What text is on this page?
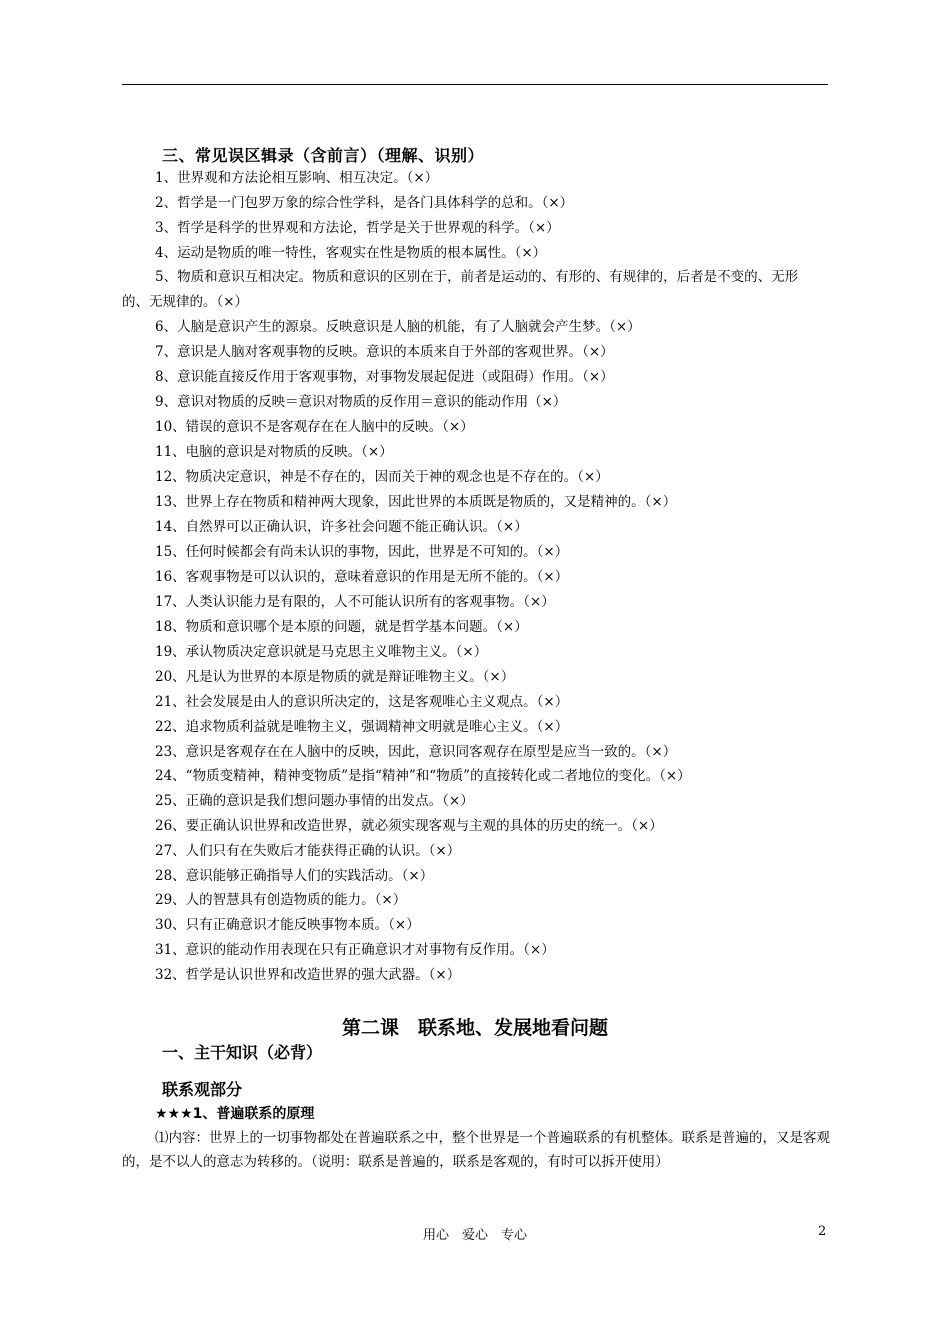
三、常见误区辑录（含前言）（理解、识别）
1、世界观和方法论相互影响、相互决定。（×）
2、哲学是一门包罗万象的综合性学科，是各门具体科学的总和。（×）
3、哲学是科学的世界观和方法论，哲学是关于世界观的科学。（×）
4、运动是物质的唯一特性，客观实在性是物质的根本属性。（×）
5、物质和意识互相决定。物质和意识的区别在于，前者是运动的、有形的、有规律的，后者是不变的、无形的、无规律的。（×）
6、人脑是意识产生的源泉。反映意识是人脑的机能，有了人脑就会产生梦。（×）
7、意识是人脑对客观事物的反映。意识的本质来自于外部的客观世界。（×）
8、意识能直接反作用于客观事物，对事物发展起促进（或阻碍）作用。（×）
9、意识对物质的反映＝意识对物质的反作用＝意识的能动作用（×）
10、错误的意识不是客观存在在人脑中的反映。（×）
11、电脑的意识是对物质的反映。（×）
12、物质决定意识，神是不存在的，因而关于神的观念也是不存在的。（×）
13、世界上存在物质和精神两大现象，因此世界的本质既是物质的，又是精神的。（×）
14、自然界可以正确认识，许多社会问题不能正确认识。（×）
15、任何时候都会有尚未认识的事物，因此，世界是不可知的。（×）
16、客观事物是可以认识的，意味着意识的作用是无所不能的。（×）
17、人类认识能力是有限的，人不可能认识所有的客观事物。（×）
18、物质和意识哪个是本原的问题，就是哲学基本问题。（×）
19、承认物质决定意识就是马克思主义唯物主义。（×）
20、凡是认为世界的本原是物质的就是辩证唯物主义。（×）
21、社会发展是由人的意识所决定的，这是客观唯心主义观点。（×）
22、追求物质利益就是唯物主义，强调精神文明就是唯心主义。（×）
23、意识是客观存在在人脑中的反映，因此，意识同客观存在原型是应当一致的。（×）
24、“物质变精神，精神变物质”是指“精神”和“物质”的直接转化或二者地位的变化。（×）
25、正确的意识是我们想问题办事情的出发点。（×）
26、要正确认识世界和改造世界，就必须实现客观与主观的具体的历史的统一。（×）
27、人们只有在失败后才能获得正确的认识。（×）
28、意识能够正确指导人们的实践活动。（×）
29、人的智慧具有创造物质的能力。（×）
30、只有正确意识才能反映事物本质。（×）
31、意识的能动作用表现在只有正确意识才对事物有反作用。（×）
32、哲学是认识世界和改造世界的强大武器。（×）
第二课　联系地、发展地看问题
一、主干知识（必背）
联系观部分
★★★1、普遍联系的原理
⑴内容：世界上的一切事物都处在普遍联系之中，整个世界是一个普遍联系的有机整体。联系是普遍的，又是客观的，是不以人的意志为转移的。（说明：联系是普遍的，联系是客观的，有时可以拆开使用）
用心　爱心　专心	2
